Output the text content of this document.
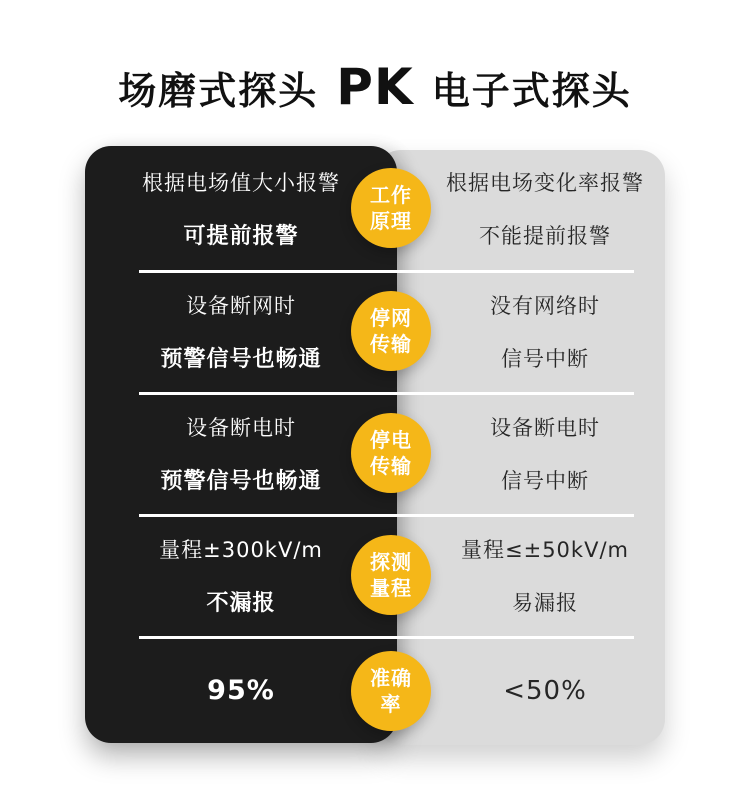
场磨式探头 PK 电子式探头
根据电场值大小报警
可提前报警
工作
原理
根据电场变化率报警
不能提前报警
设备断网时
预警信号也畅通
停网
传输
没有网络时
信号中断
设备断电时
预警信号也畅通
停电
传输
设备断电时
信号中断
量程±300kV/m
不漏报
探测
量程
量程≤±50kV/m
易漏报
95%	准确
率	<50%
